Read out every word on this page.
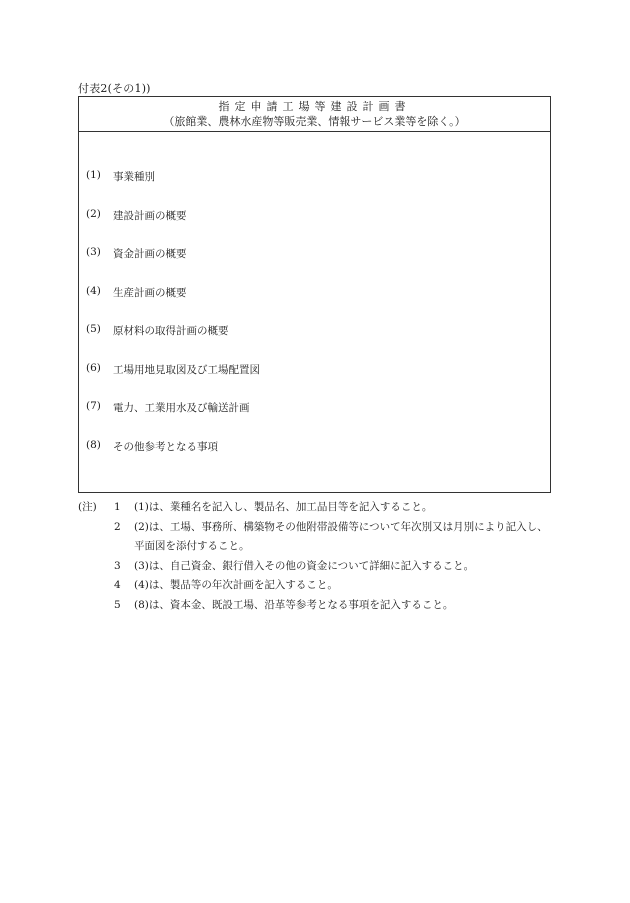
付表2(その1))
指定申請工場等建設計画書
（旅館業、農林水産物等販売業、情報サービス業等を除く。）
(1) 事業種別
(2) 建設計画の概要
(3) 資金計画の概要
(4) 生産計画の概要
(5) 原材料の取得計画の概要
(6) 工場用地見取図及び工場配置図
(7) 電力、工業用水及び輸送計画
(8) その他参考となる事項
(注) 1	(1)は、業種名を記入し、製品名、加工品目等を記入すること。
2	(2)は、工場、事務所、構築物その他附帯設備等について年次別又は月別により記入し、平面図を添付すること。
3	(3)は、自己資金、銀行借入その他の資金について詳細に記入すること。
4	(4)は、製品等の年次計画を記入すること。
5	(8)は、資本金、既設工場、沿革等参考となる事項を記入すること。
